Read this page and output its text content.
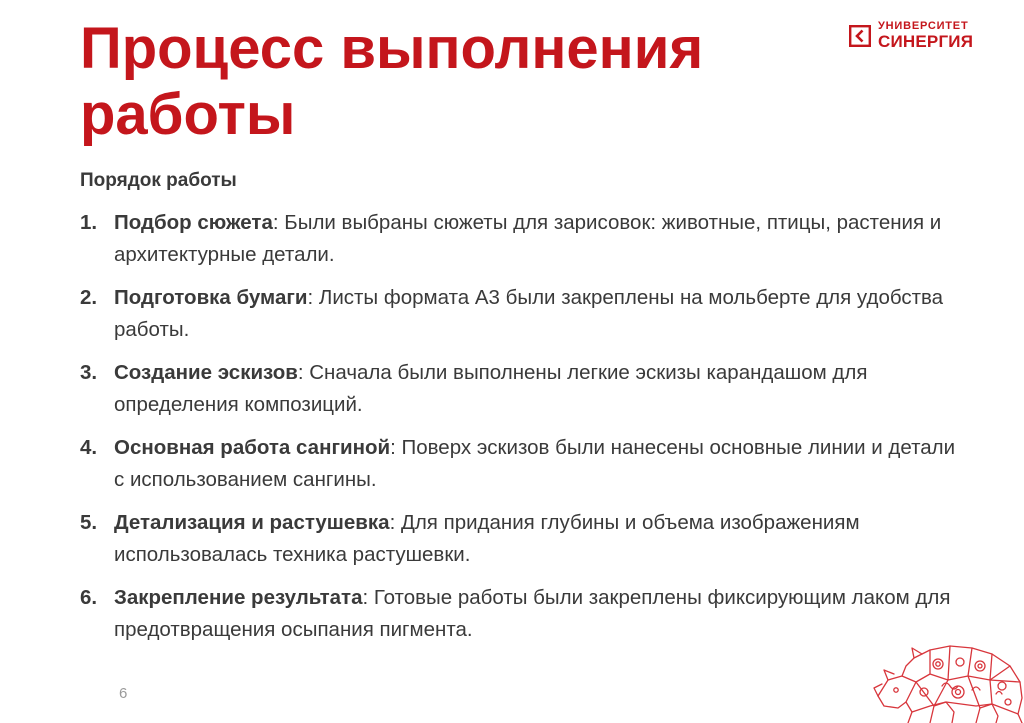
Процесс выполнения работы
УНИВЕРСИТЕТ
СИНЕРГИЯ

Порядок работы

1. Подбор сюжета: Были выбраны сюжеты для зарисовок: животные, птицы, растения и архитектурные детали.
2. Подготовка бумаги: Листы формата А3 были закреплены на мольберте для удобства работы.
3. Создание эскизов: Сначала были выполнены легкие эскизы карандашом для определения композиций.
4. Основная работа сангиной: Поверх эскизов были нанесены основные линии и детали с использованием сангины.
5. Детализация и растушевка: Для придания глубины и объема изображениям использовалась техника растушевки.
6. Закрепление результата: Готовые работы были закреплены фиксирующим лаком для предотвращения осыпания пигмента.
6
